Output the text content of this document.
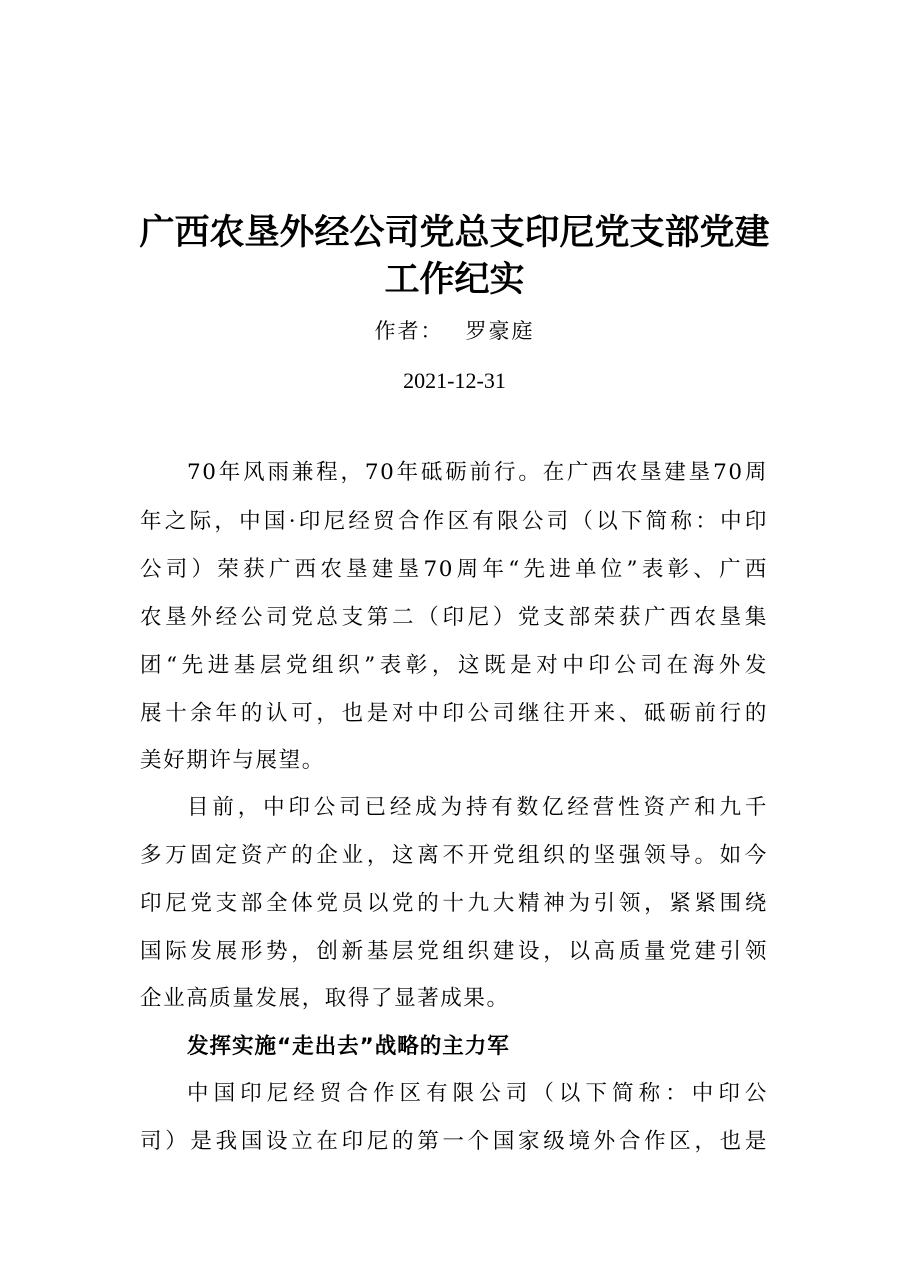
广西农垦外经公司党总支印尼党支部党建
工作纪实
作者： 罗豪庭
2021-12-31
70年风雨兼程，70年砥砺前行。在广西农垦建垦70周
年之际，中国·印尼经贸合作区有限公司（以下简称：中印
公司）荣获广西农垦建垦70周年“先进单位”表彰、广西
农垦外经公司党总支第二（印尼）党支部荣获广西农垦集
团“先进基层党组织”表彰，这既是对中印公司在海外发
展十余年的认可，也是对中印公司继往开来、砥砺前行的
美好期许与展望。
目前，中印公司已经成为持有数亿经营性资产和九千
多万固定资产的企业，这离不开党组织的坚强领导。如今
印尼党支部全体党员以党的十九大精神为引领，紧紧围绕
国际发展形势，创新基层党组织建设，以高质量党建引领
企业高质量发展，取得了显著成果。
发挥实施“走出去”战略的主力军
中国印尼经贸合作区有限公司（以下简称：中印公
司）是我国设立在印尼的第一个国家级境外合作区，也是
